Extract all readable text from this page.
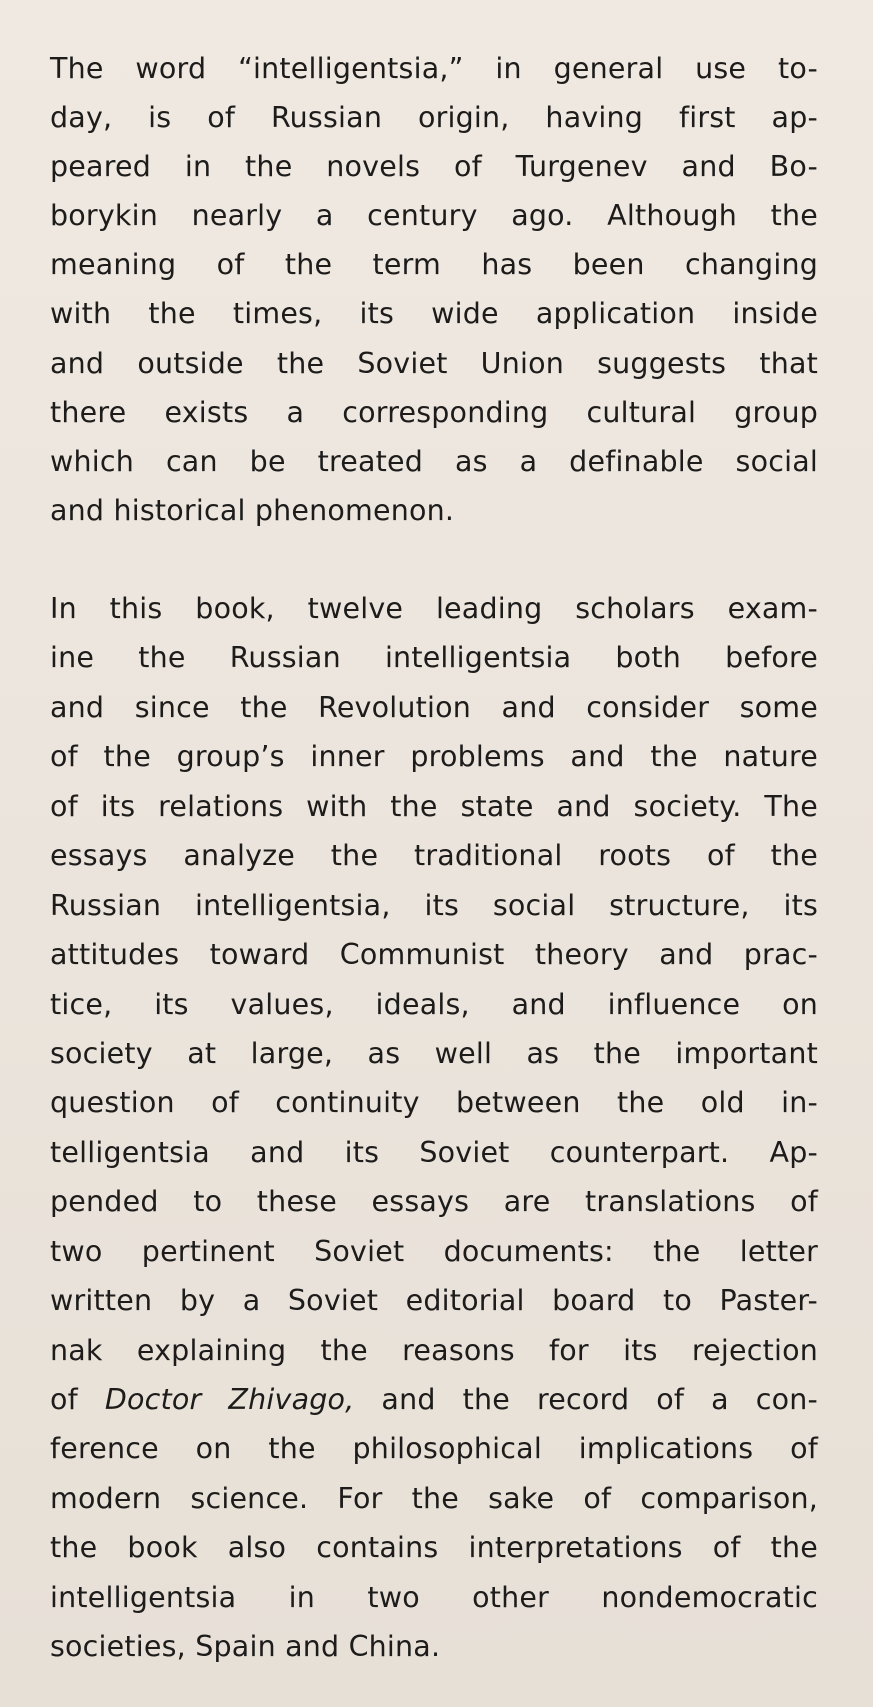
The word “intelligentsia,” in general use to-
day, is of Russian origin, having first ap-
peared in the novels of Turgenev and Bo-
borykin nearly a century ago. Although the
meaning of the term has been changing
with the times, its wide application inside
and outside the Soviet Union suggests that
there exists a corresponding cultural group
which can be treated as a definable social
and historical phenomenon.
In this book, twelve leading scholars exam-
ine the Russian intelligentsia both before
and since the Revolution and consider some
of the group’s inner problems and the nature
of its relations with the state and society. The
essays analyze the traditional roots of the
Russian intelligentsia, its social structure, its
attitudes toward Communist theory and prac-
tice, its values, ideals, and influence on
society at large, as well as the important
question of continuity between the old in-
telligentsia and its Soviet counterpart. Ap-
pended to these essays are translations of
two pertinent Soviet documents: the letter
written by a Soviet editorial board to Paster-
nak explaining the reasons for its rejection
of Doctor Zhivago, and the record of a con-
ference on the philosophical implications of
modern science. For the sake of comparison,
the book also contains interpretations of the
intelligentsia in two other nondemocratic
societies, Spain and China.
